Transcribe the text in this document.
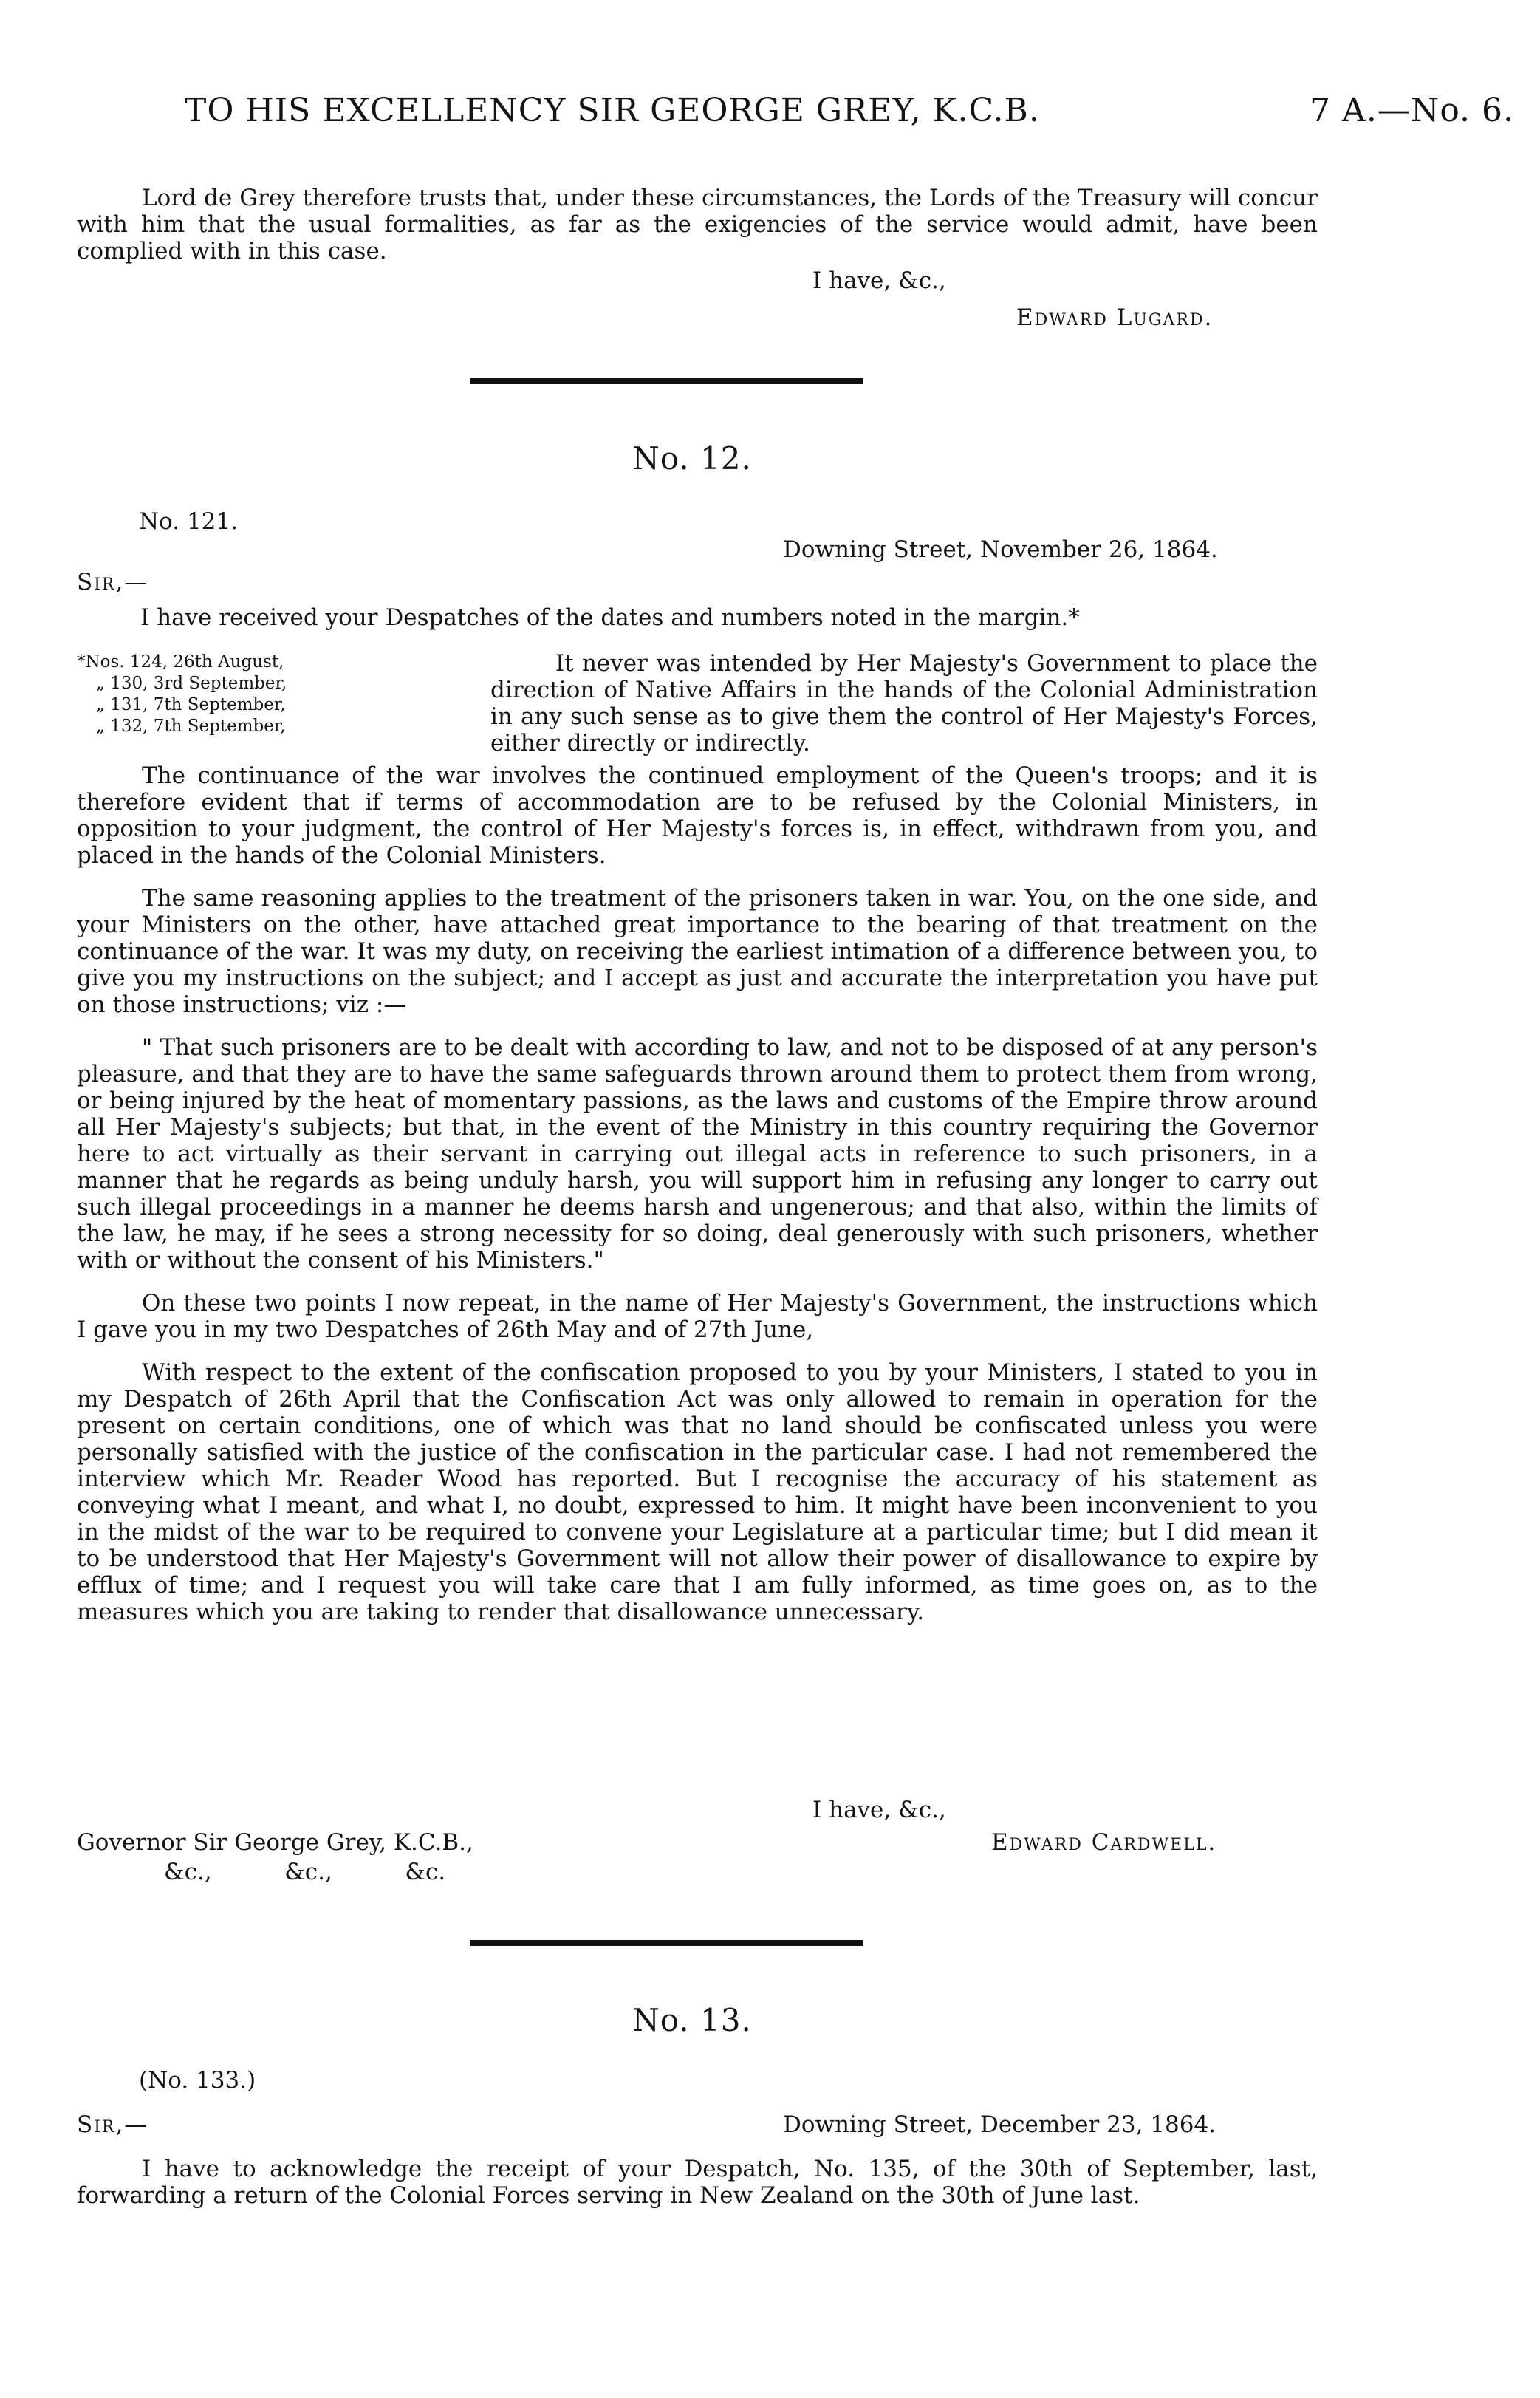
TO HIS EXCELLENCY SIR GEORGE GREY, K.C.B.	7 A.—No. 6.

Lord de Grey therefore trusts that, under these circumstances, the Lords of the Treasury will concur with him that the usual formalities, as far as the exigencies of the service would admit, have been complied with in this case.

I have, &c.,
Edward Lugard.
No. 12.
No. 121.
Downing Street, November 26, 1864.
Sir,—
I have received your Despatches of the dates and numbers noted in the margin.*
*Nos. 124, 26th August,
„ 130, 3rd September,
„ 131, 7th September,
„ 132, 7th September,

It never was intended by Her Majesty's Government to place the direction of Native Affairs in the hands of the Colonial Administration in any such sense as to give them the control of Her Majesty's Forces, either directly or indirectly.

The continuance of the war involves the continued employment of the Queen's troops; and it is therefore evident that if terms of accommodation are to be refused by the Colonial Ministers, in opposition to your judgment, the control of Her Majesty's forces is, in effect, withdrawn from you, and placed in the hands of the Colonial Ministers.

The same reasoning applies to the treatment of the prisoners taken in war. You, on the one side, and your Ministers on the other, have attached great importance to the bearing of that treatment on the continuance of the war. It was my duty, on receiving the earliest intimation of a difference between you, to give you my instructions on the subject; and I accept as just and accurate the interpretation you have put on those instructions; viz :—

" That such prisoners are to be dealt with according to law, and not to be disposed of at any person's pleasure, and that they are to have the same safeguards thrown around them to protect them from wrong, or being injured by the heat of momentary passions, as the laws and customs of the Empire throw around all Her Majesty's subjects; but that, in the event of the Ministry in this country requiring the Governor here to act virtually as their servant in carrying out illegal acts in reference to such prisoners, in a manner that he regards as being unduly harsh, you will support him in refusing any longer to carry out such illegal proceedings in a manner he deems harsh and ungenerous; and that also, within the limits of the law, he may, if he sees a strong necessity for so doing, deal generously with such prisoners, whether with or without the consent of his Ministers."

On these two points I now repeat, in the name of Her Majesty's Government, the instructions which I gave you in my two Despatches of 26th May and of 27th June,

With respect to the extent of the confiscation proposed to you by your Ministers, I stated to you in my Despatch of 26th April that the Confiscation Act was only allowed to remain in operation for the present on certain conditions, one of which was that no land should be confiscated unless you were personally satisfied with the justice of the confiscation in the particular case. I had not remembered the interview which Mr. Reader Wood has reported. But I recognise the accuracy of his statement as conveying what I meant, and what I, no doubt, expressed to him. It might have been inconvenient to you in the midst of the war to be required to convene your Legislature at a particular time; but I did mean it to be understood that Her Majesty's Government will not allow their power of disallowance to expire by efflux of time; and I request you will take care that I am fully informed, as time goes on, as to the measures which you are taking to render that disallowance unnecessary.

I have, &c.,
Governor Sir George Grey, K.C.B.,	Edward Cardwell.
&c.,          &c.,          &c.
No. 13.
(No. 133.)
Sir,—	Downing Street, December 23, 1864.

I have to acknowledge the receipt of your Despatch, No. 135, of the 30th of September, last, forwarding a return of the Colonial Forces serving in New Zealand on the 30th of June last.
